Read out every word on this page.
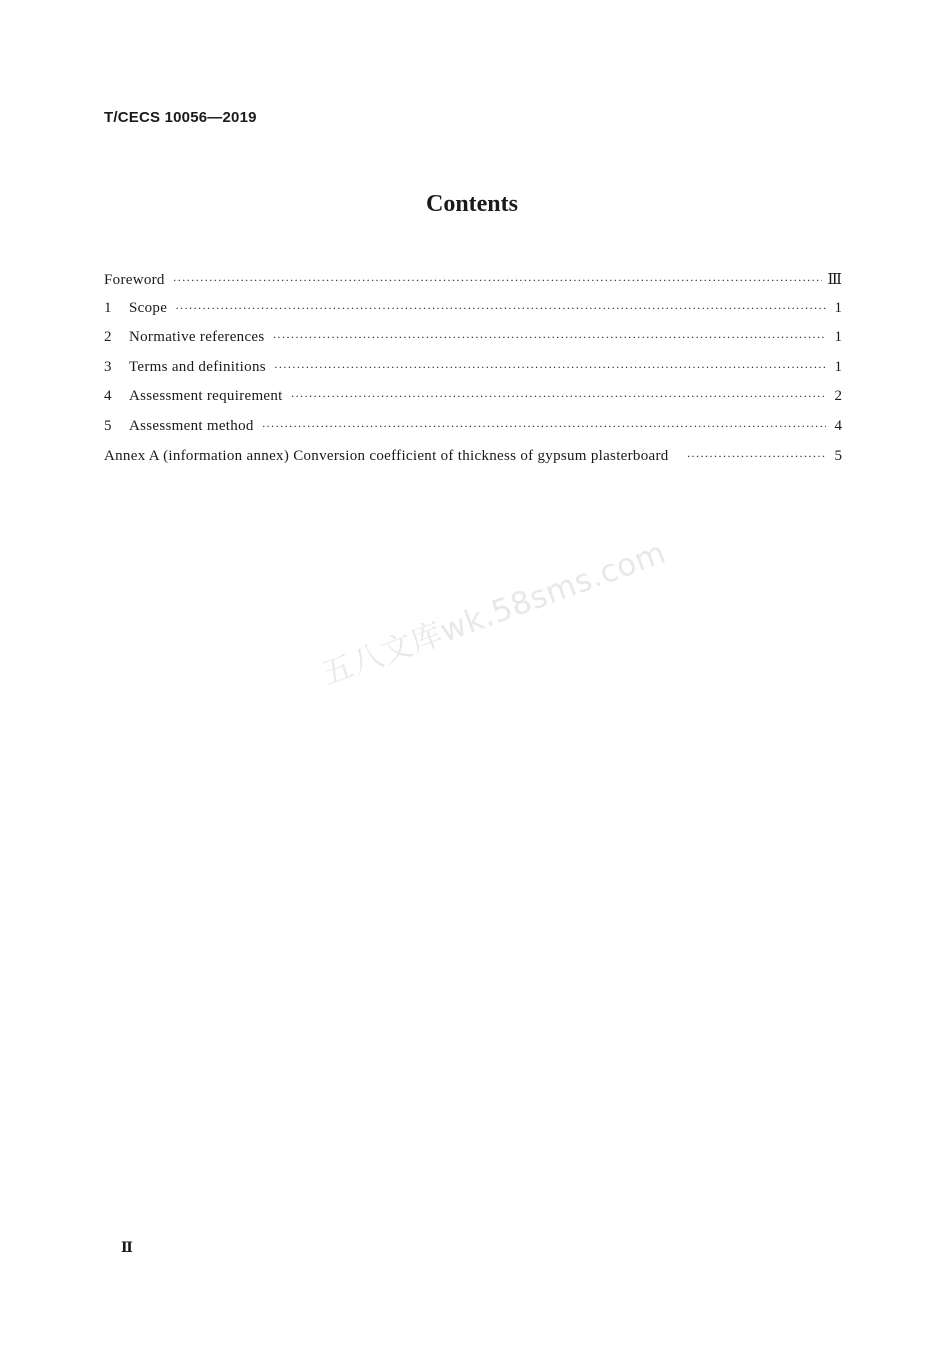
T/CECS 10056—2019
Contents
Foreword ·····	Ⅲ
1	Scope ·····	1
2	Normative references ·····	1
3	Terms and definitions ·····	1
4	Assessment requirement ·····	2
5	Assessment method ·····	4
Annex A (information annex) Conversion coefficient of thickness of gypsum plasterboard ·····	5
五八文库wk.58sms.com
Ⅱ
